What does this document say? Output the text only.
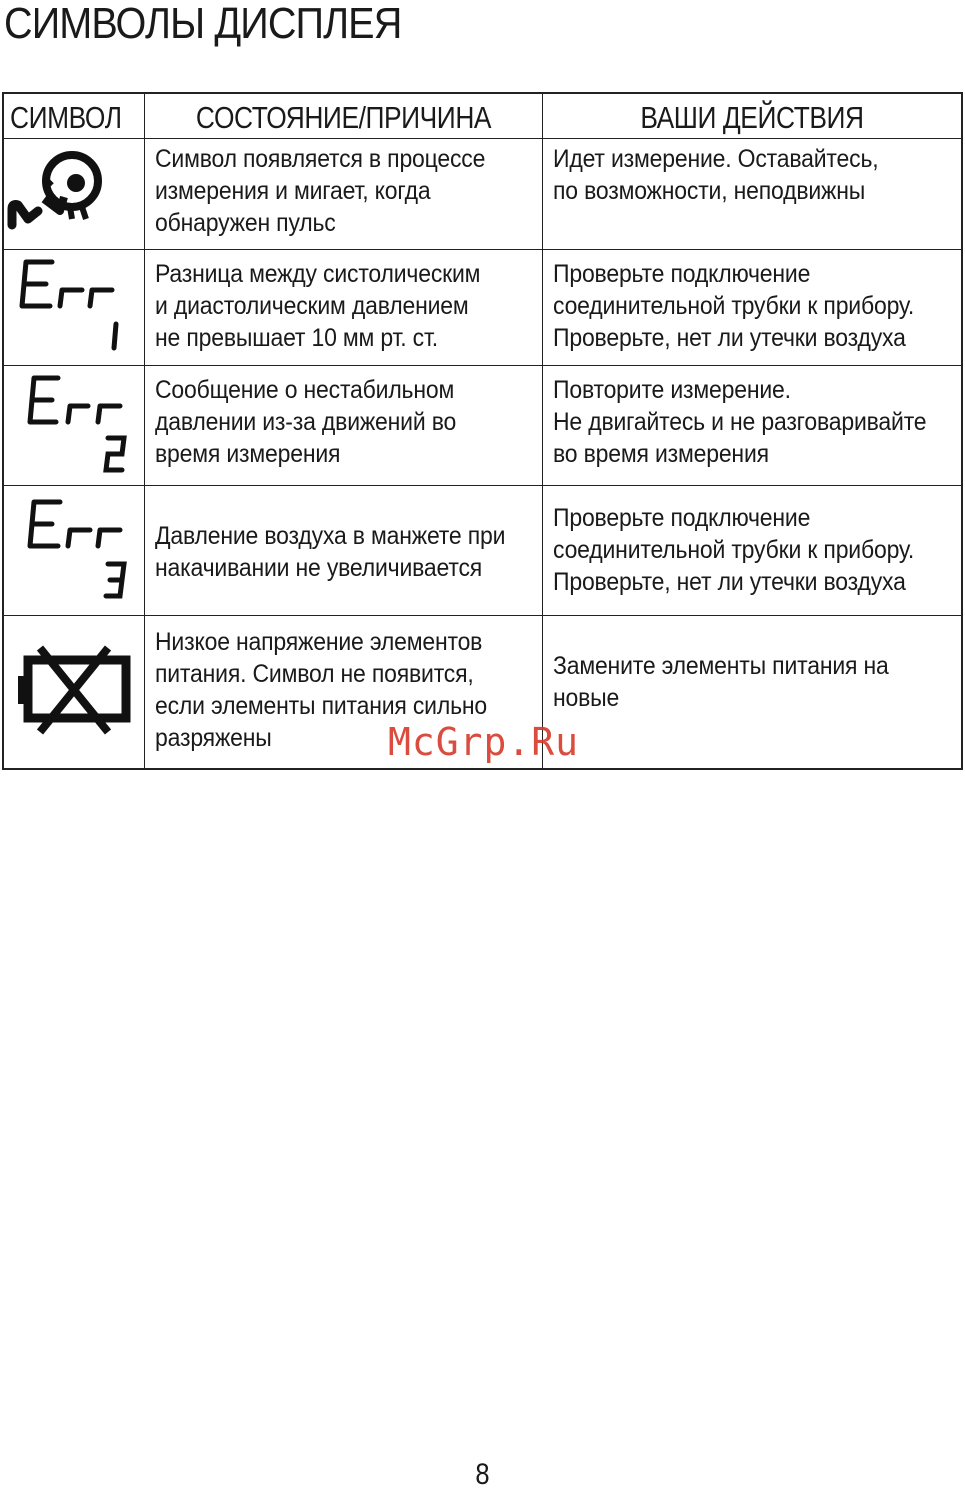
СИМВОЛЫ ДИСПЛЕЯ
СИМВОЛ	СОСТОЯНИЕ/ПРИЧИНА	ВАШИ ДЕЙСТВИЯ
Символ появляется в процессе
измерения и мигает, когда
обнаружен пульс
Идет измерение. Оставайтесь,
по возможности, неподвижны
1
Разница между систолическим
и диастолическим давлением
не превышает 10 мм рт. ст.
Проверьте подключение
соединительной трубки к прибору.
Проверьте, нет ли утечки воздуха
2
Сообщение о нестабильном
давлении из-за движений во
время измерения
Повторите измерение.
Не двигайтесь и не разговаривайте
во время измерения
3
Давление воздуха в манжете при
накачивании не увеличивается
Проверьте подключение
соединительной трубки к прибору.
Проверьте, нет ли утечки воздуха
Низкое напряжение элементов
питания. Символ не появится,
если элементы питания сильно
разряжены
Замените элементы питания на
новые
McGrp.Ru
8
